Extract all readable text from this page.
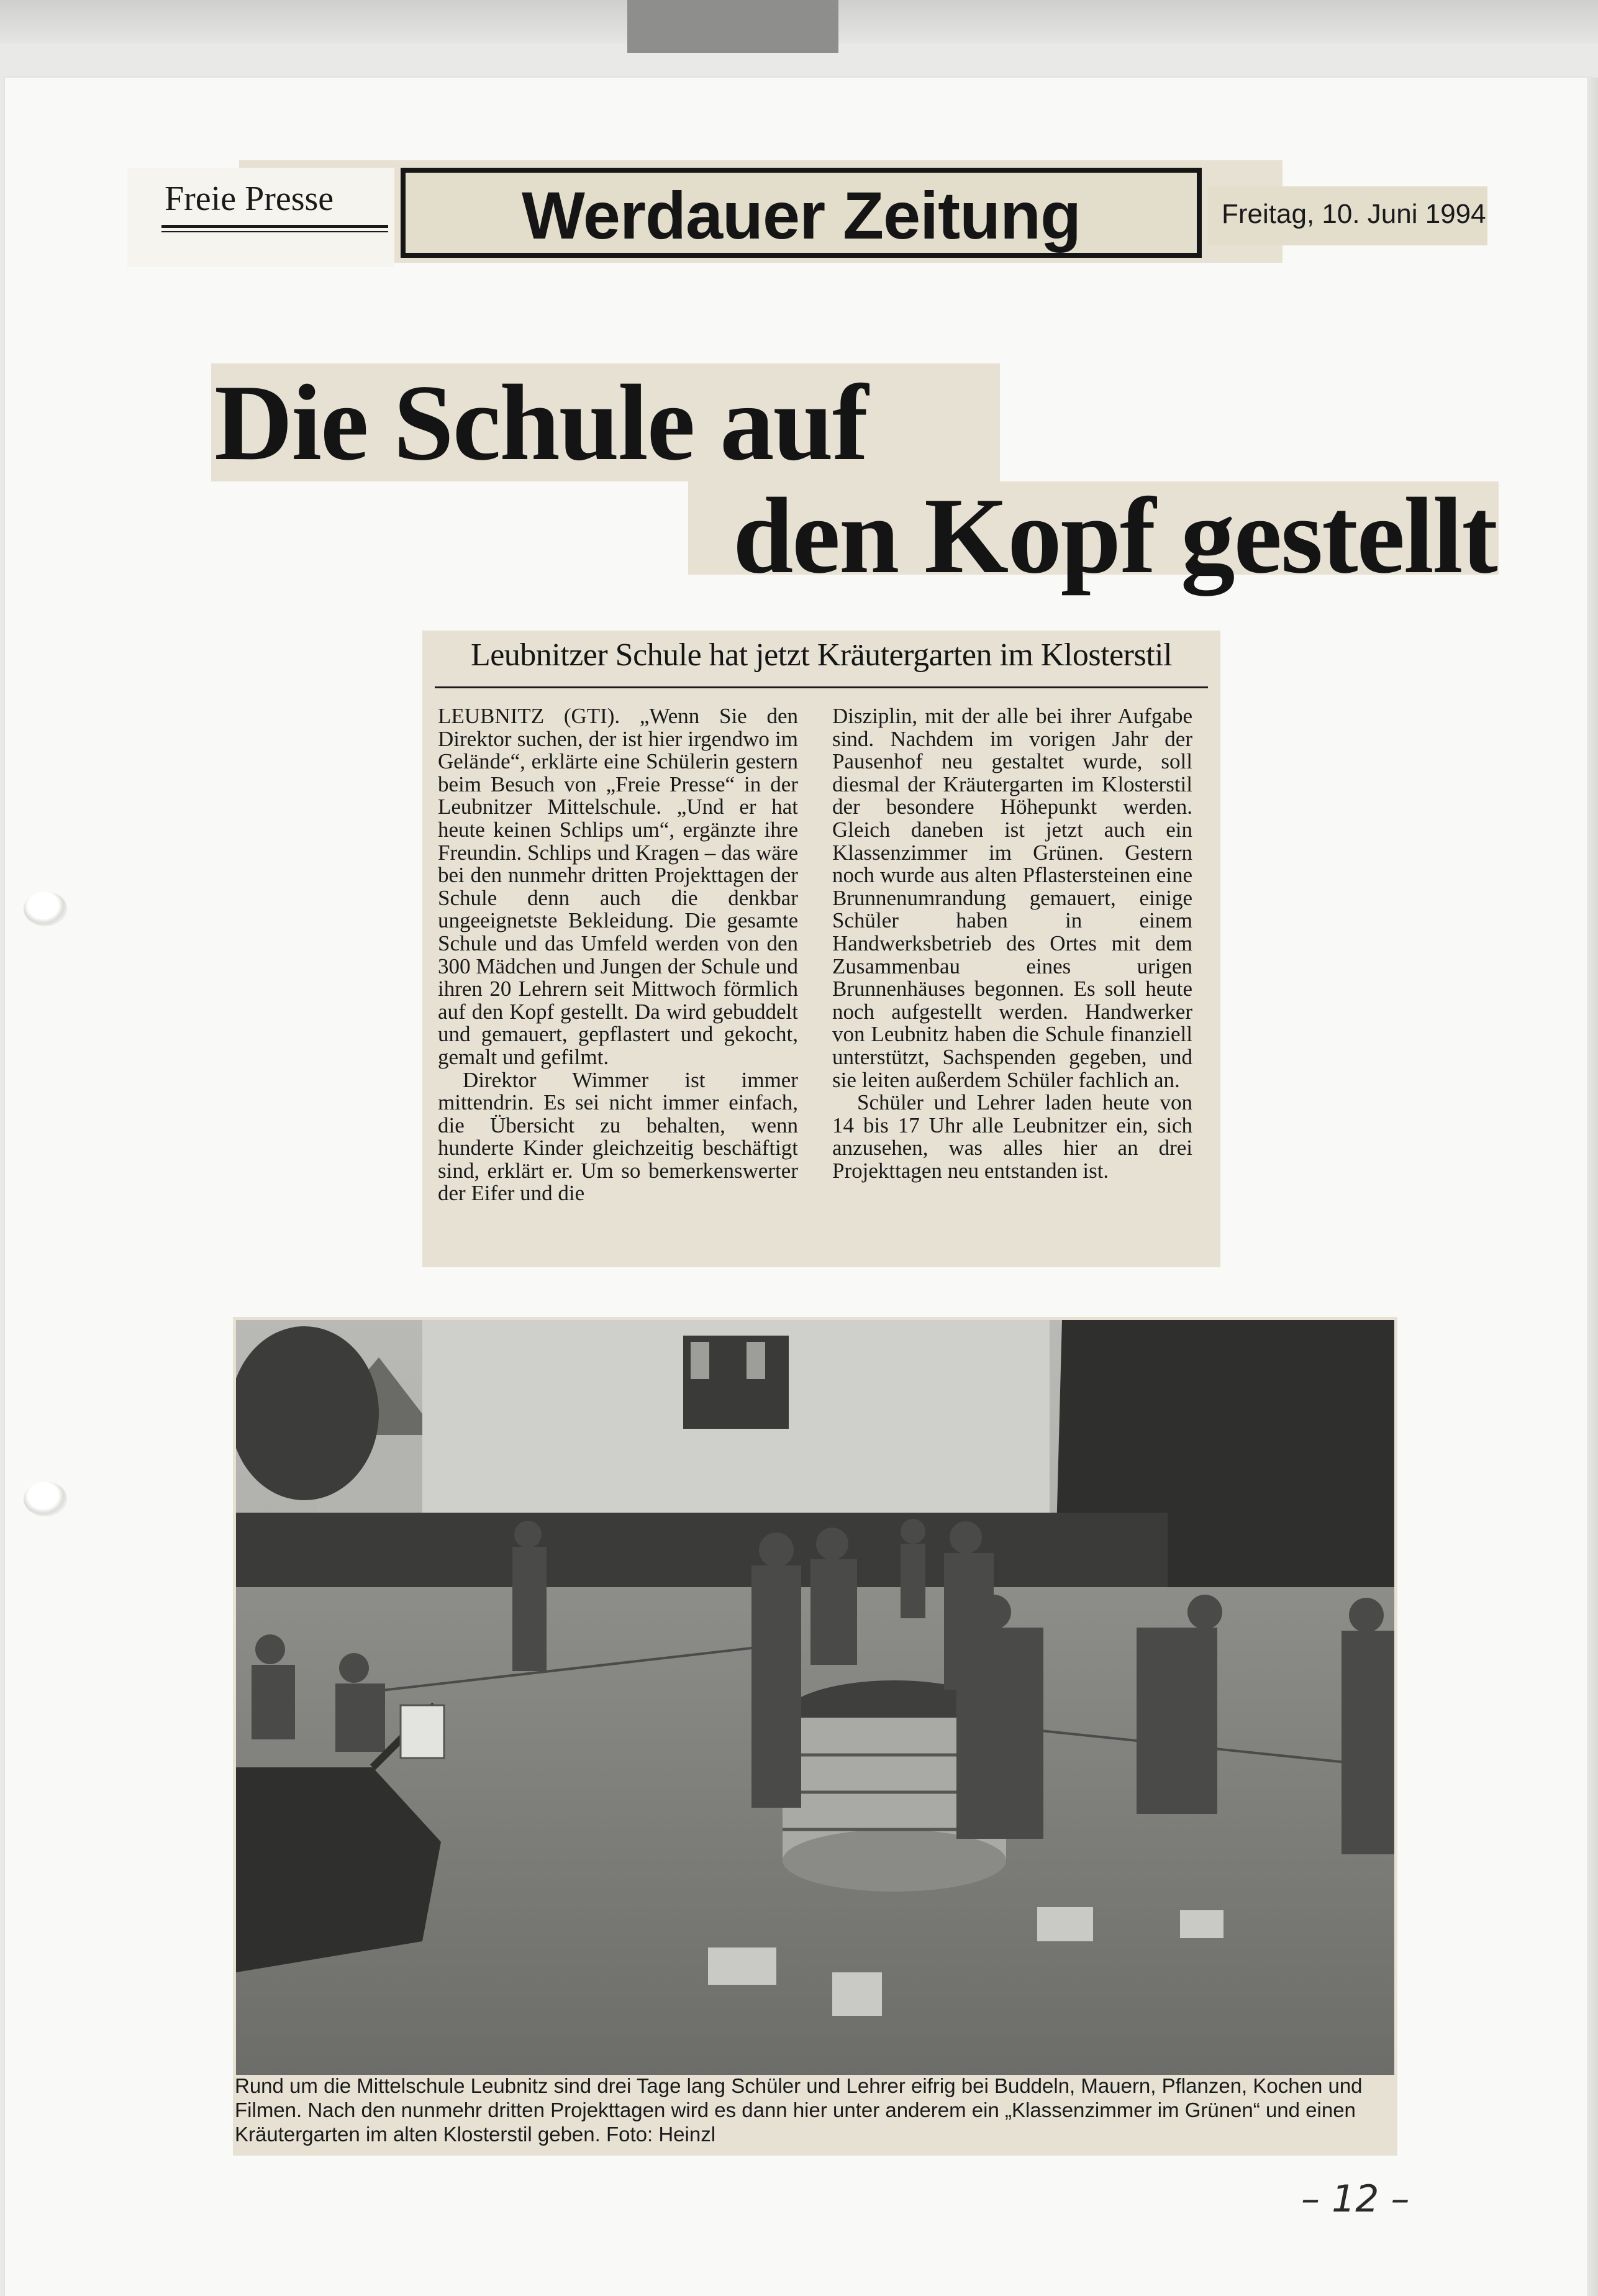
Freie Presse	Werdauer Zeitung	Freitag, 10. Juni 1994
Die Schule auf
den Kopf gestellt
Leubnitzer Schule hat jetzt Kräutergarten im Klosterstil

LEUBNITZ (GTI). „Wenn Sie den Direktor suchen, der ist hier irgendwo im Gelände“, erklärte eine Schülerin gestern beim Besuch von „Freie Presse“ in der Leubnitzer Mittelschule. „Und er hat heute keinen Schlips um“, ergänzte ihre Freundin. Schlips und Kragen – das wäre bei den nunmehr dritten Projekttagen der Schule denn auch die denkbar ungeeignetste Bekleidung. Die gesamte Schule und das Umfeld werden von den 300 Mädchen und Jungen der Schule und ihren 20 Lehrern seit Mittwoch förmlich auf den Kopf gestellt. Da wird gebuddelt und gemauert, gepflastert und gekocht, gemalt und gefilmt.

Direktor Wimmer ist immer mittendrin. Es sei nicht immer einfach, die Übersicht zu behalten, wenn hunderte Kinder gleichzeitig beschäftigt sind, erklärt er. Um so bemerkenswerter der Eifer und die

Disziplin, mit der alle bei ihrer Aufgabe sind. Nachdem im vorigen Jahr der Pausenhof neu gestaltet wurde, soll diesmal der Kräutergarten im Klosterstil der besondere Höhepunkt werden. Gleich daneben ist jetzt auch ein Klassenzimmer im Grünen. Gestern noch wurde aus alten Pflastersteinen eine Brunnenumrandung gemauert, einige Schüler haben in einem Handwerksbetrieb des Ortes mit dem Zusammenbau eines urigen Brunnenhäuses begonnen. Es soll heute noch aufgestellt werden. Handwerker von Leubnitz haben die Schule finanziell unterstützt, Sachspenden gegeben, und sie leiten außerdem Schüler fachlich an.

Schüler und Lehrer laden heute von 14 bis 17 Uhr alle Leubnitzer ein, sich anzusehen, was alles hier an drei Projekttagen neu entstanden ist.

Rund um die Mittelschule Leubnitz sind drei Tage lang Schüler und Lehrer eifrig bei Buddeln, Mauern, Pflanzen, Kochen und Filmen. Nach den nunmehr dritten Projekttagen wird es dann hier unter anderem ein „Klassenzimmer im Grünen“ und einen Kräutergarten im alten Klosterstil geben. Foto: Heinzl
– 12 –
